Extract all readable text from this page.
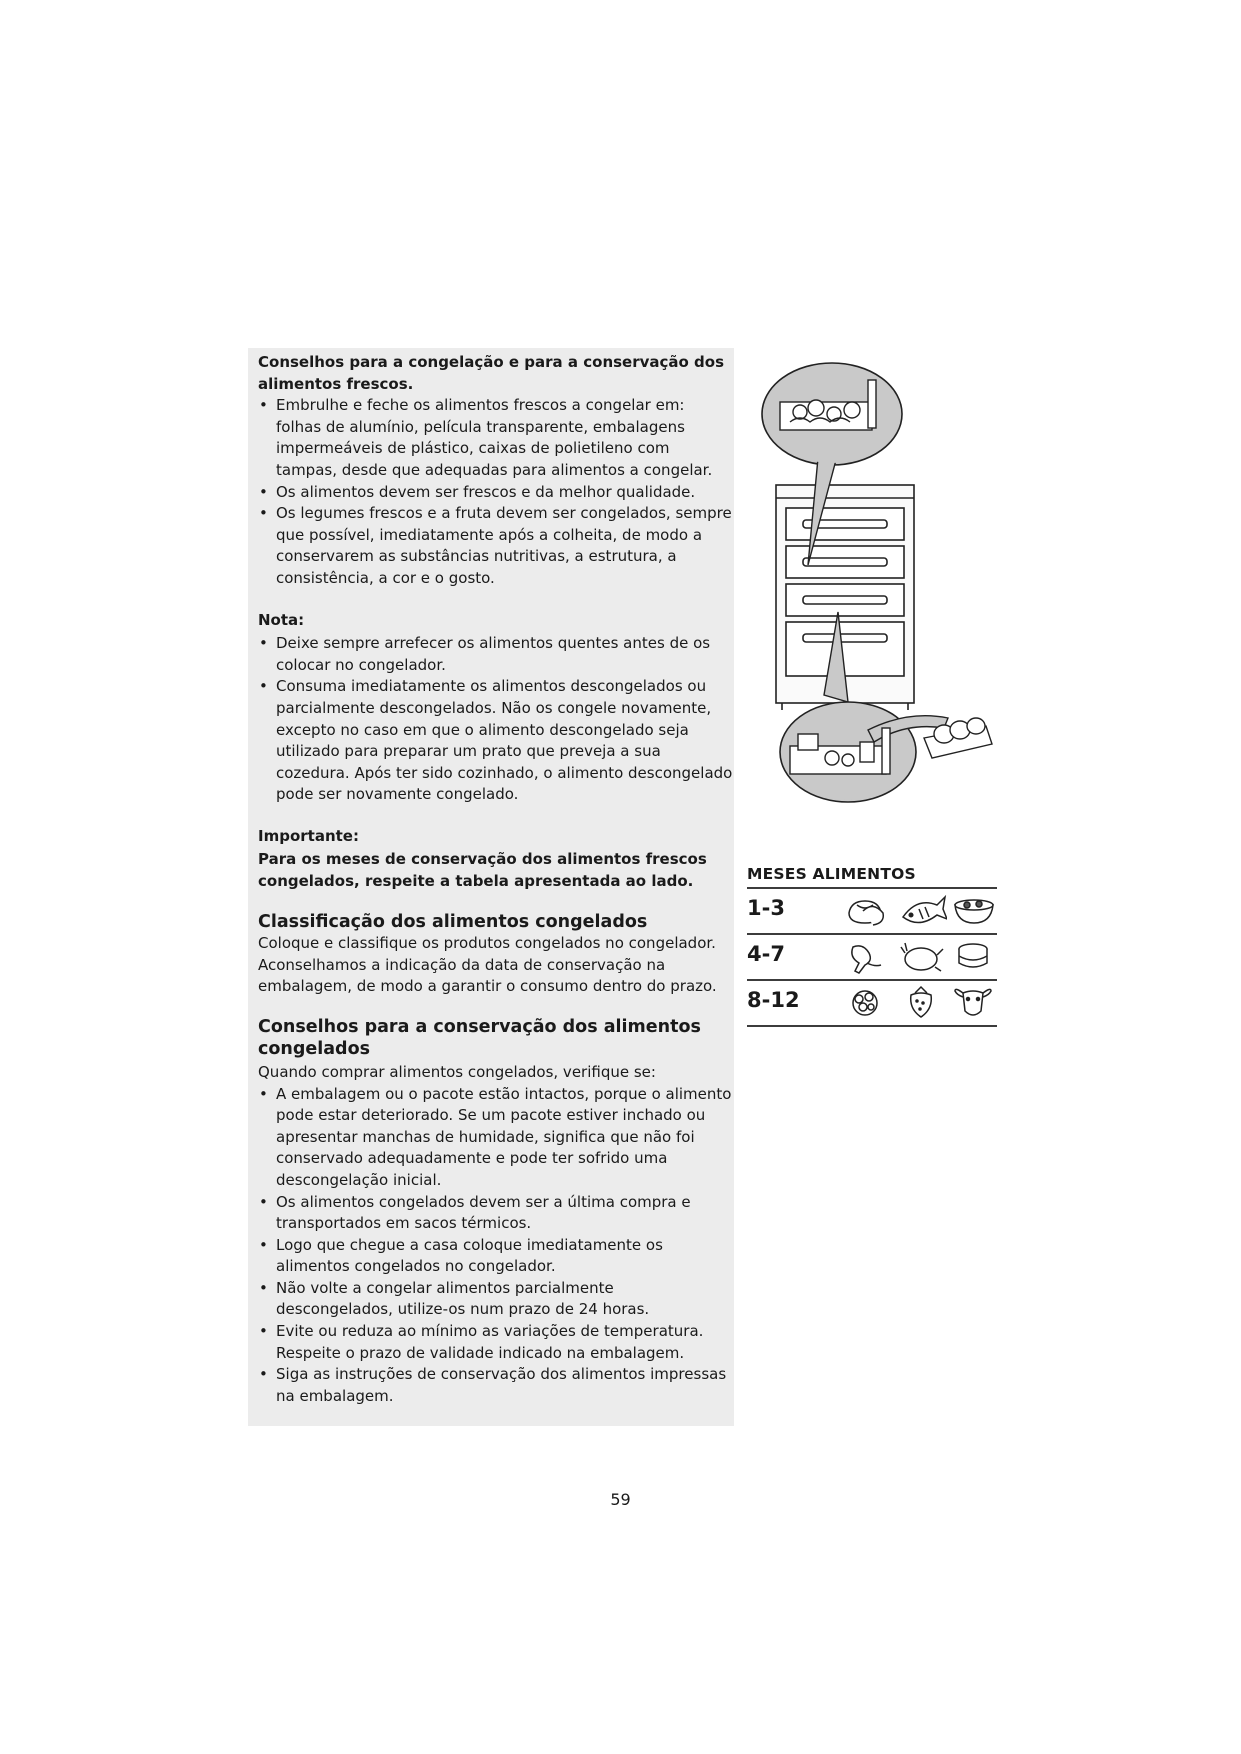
Conselhos para a congelação e para a conservação dos alimentos frescos.

• Embrulhe e feche os alimentos frescos a congelar em: folhas de alumínio, película transparente, embalagens impermeáveis de plástico, caixas de polietileno com tampas, desde que adequadas para alimentos a congelar.
• Os alimentos devem ser frescos e da melhor qualidade.
• Os legumes frescos e a fruta devem ser congelados, sempre que possível, imediatamente após a colheita, de modo a conservarem as substâncias nutritivas, a estrutura, a consistência, a cor e o gosto.

Nota:

• Deixe sempre arrefecer os alimentos quentes antes de os colocar no congelador.
• Consuma imediatamente os alimentos descongelados ou parcialmente descongelados. Não os congele novamente, excepto no caso em que o alimento descongelado seja utilizado para preparar um prato que preveja a sua cozedura. Após ter sido cozinhado, o alimento descongelado pode ser novamente congelado.

Importante:

Para os meses de conservação dos alimentos frescos congelados, respeite a tabela apresentada ao lado.

Classificação dos alimentos congelados

Coloque e classifique os produtos congelados no congelador.

Aconselhamos a indicação da data de conservação na embalagem, de modo a garantir o consumo dentro do prazo.

Conselhos para a conservação dos alimentos congelados

Quando comprar alimentos congelados, verifique se:

• A embalagem ou o pacote estão intactos, porque o alimento pode estar deteriorado. Se um pacote estiver inchado ou apresentar manchas de humidade, significa que não foi conservado adequadamente e pode ter sofrido uma descongelação inicial.
• Os alimentos congelados devem ser a última compra e transportados em sacos térmicos.
• Logo que chegue a casa coloque imediatamente os alimentos congelados no congelador.
• Não volte a congelar alimentos parcialmente descongelados, utilize-os num prazo de 24 horas.
• Evite ou reduza ao mínimo as variações de temperatura. Respeite o prazo de validade indicado na embalagem.
• Siga as instruções de conservação dos alimentos impressas na embalagem.
MESES ALIMENTOS
1-3
4-7
8-12
59
